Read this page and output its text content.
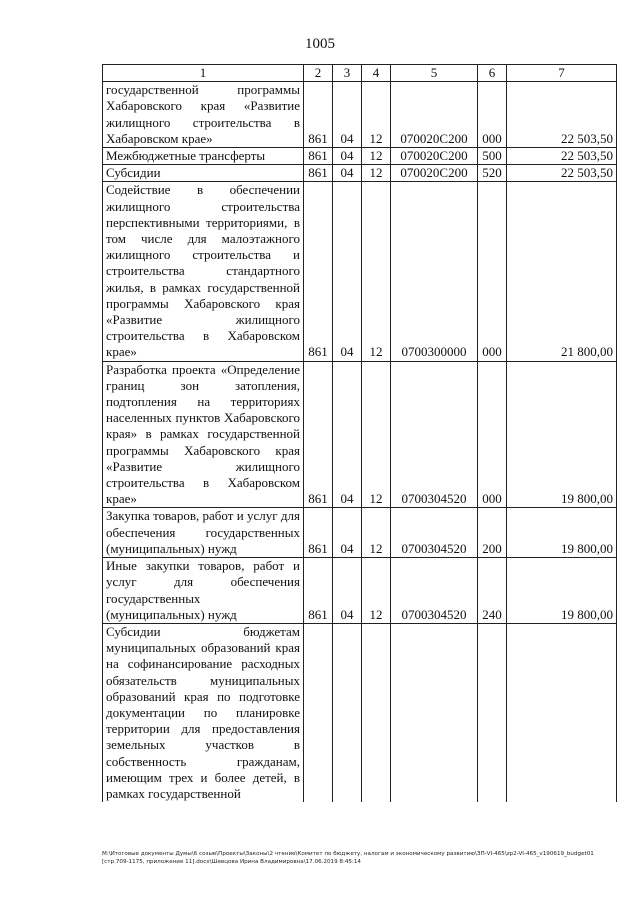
1005
1	2	3	4	5	6	7
государственной программы Хабаровского края «Развитие жилищного строительства в Хабаровском крае»	861	04	12	070020С200	000	22 503,50
Межбюджетные трансферты	861	04	12	070020С200	500	22 503,50
Субсидии	861	04	12	070020С200	520	22 503,50
Содействие в обеспечении жилищного строительства перспективными территориями, в том числе для малоэтажного жилищного строительства и строительства стандартного жилья, в рамках государственной программы Хабаровского края «Развитие жилищного строительства в Хабаровском крае»	861	04	12	0700300000	000	21 800,00
Разработка проекта «Определение границ зон затопления, подтопления на территориях населенных пунктов Хабаровского края» в рамках государственной программы Хабаровского края «Развитие жилищного строительства в Хабаровском крае»	861	04	12	0700304520	000	19 800,00
Закупка товаров, работ и услуг для обеспечения государственных (муниципальных) нужд	861	04	12	0700304520	200	19 800,00
Иные закупки товаров, работ и услуг для обеспечения государственных (муниципальных) нужд	861	04	12	0700304520	240	19 800,00
Субсидии бюджетам муниципальных образований края на софинансирование расходных обязательств муниципальных образований края по подготовке документации по планировке территории для предоставления земельных участков в собственность гражданам, имеющим трех и более детей, в рамках государственной						
M:\Итоговые документы Думы\6 созыв\Проекты\Законы\2 чтение\Комитет по бюджету, налогам и экономическому развитию\ЗП-VI-465\zp2-VI-465_v190619_budget01 [стр.709-1175, приложение 11].docx\Шевцова Ирина Владимировна\17.06.2019 8:45:14
